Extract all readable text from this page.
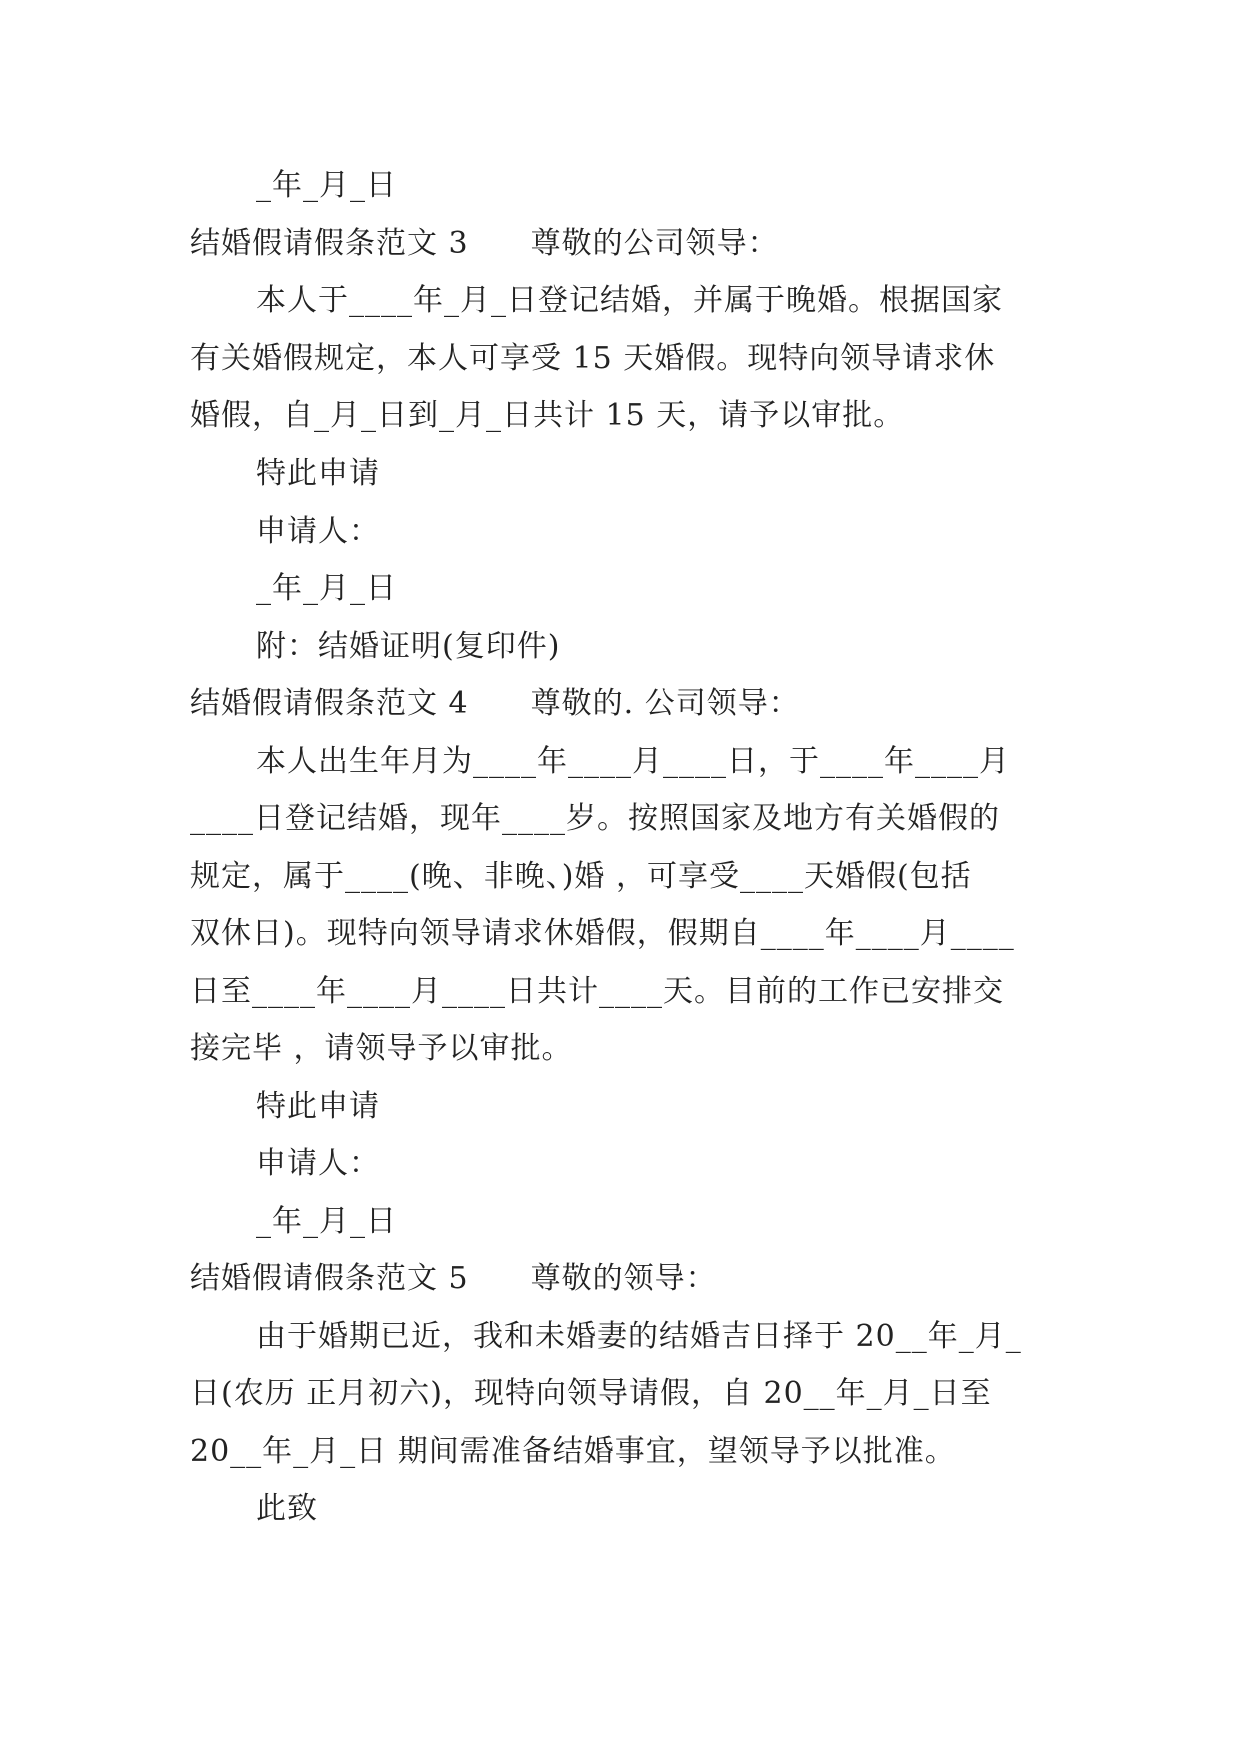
_年_月_日
结婚假请假条范文 3　　尊敬的公司领导：
本人于____年_月_日登记结婚，并属于晚婚。根据国家
有关婚假规定，本人可享受 15 天婚假。现特向领导请求休
婚假，自_月_日到_月_日共计 15 天，请予以审批。
特此申请
申请人：
_年_月_日
附：结婚证明(复印件)
结婚假请假条范文 4　　尊敬的. 公司领导：
本人出生年月为____年____月____日，于____年____月
____日登记结婚，现年____岁。按照国家及地方有关婚假的
规定，属于____(晚、非晚、)婚 ，可享受____天婚假(包括
双休日)。现特向领导请求休婚假，假期自____年____月____
日至____年____月____日共计____天。目前的工作已安排交
接完毕 ，请领导予以审批。
特此申请
申请人：
_年_月_日
结婚假请假条范文 5　　尊敬的领导：
由于婚期已近，我和未婚妻的结婚吉日择于 20__年_月_
日(农历 正月初六)，现特向领导请假，自 20__年_月_日至
20__年_月_日 期间需准备结婚事宜，望领导予以批准。
此致
